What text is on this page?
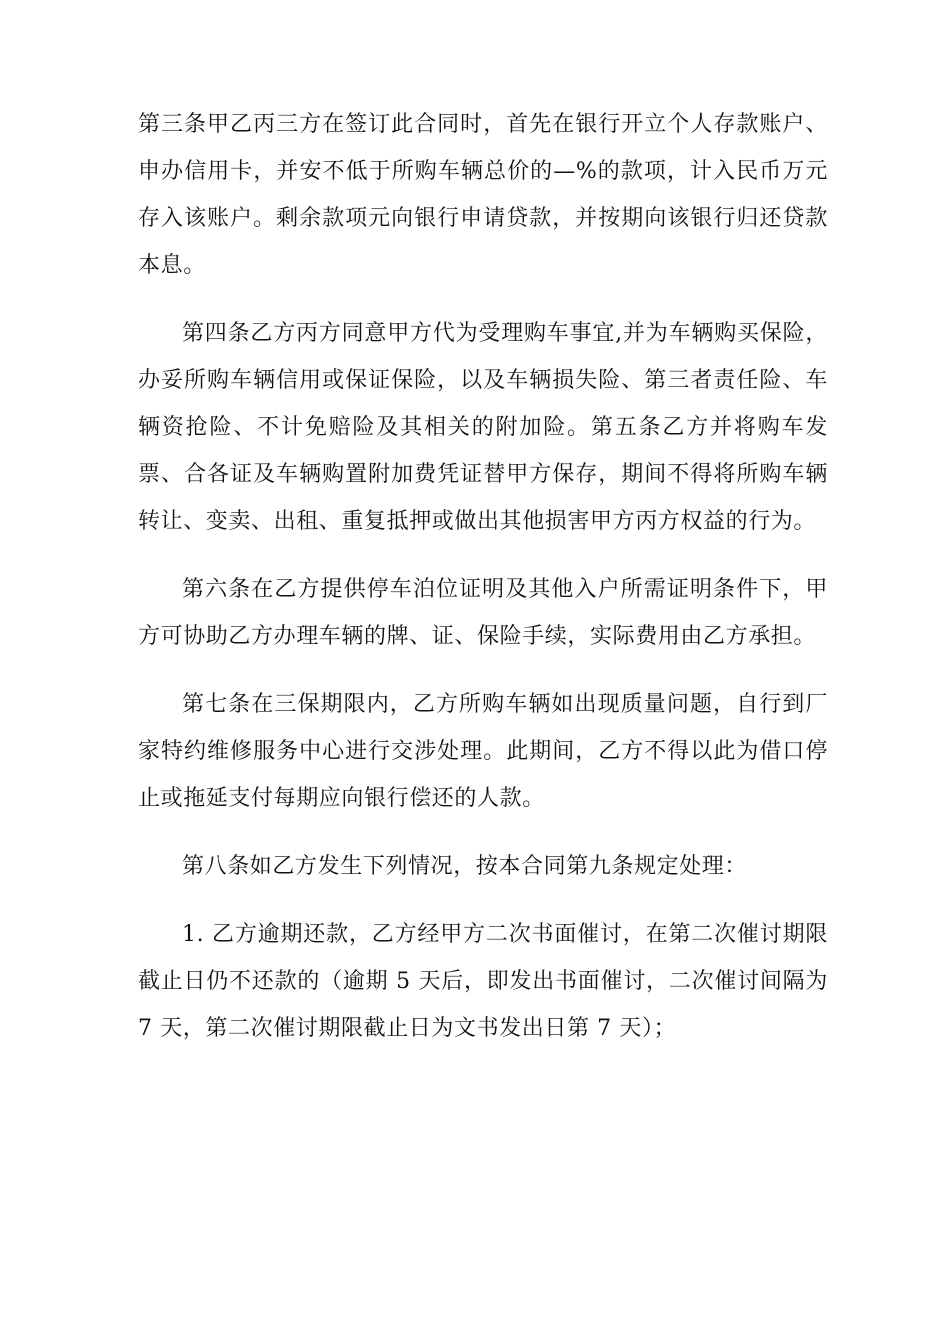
第三条甲乙丙三方在签订此合同时，首先在银行开立个人存款账户、申办信用卡，并安不低于所购车辆总价的—%的款项，计入民币万元存入该账户。剩余款项元向银行申请贷款，并按期向该银行归还贷款本息。

第四条乙方丙方同意甲方代为受理购车事宜,并为车辆购买保险，办妥所购车辆信用或保证保险，以及车辆损失险、第三者责任险、车辆资抢险、不计免赔险及其相关的附加险。第五条乙方并将购车发票、合各证及车辆购置附加费凭证替甲方保存，期间不得将所购车辆转让、变卖、出租、重复抵押或做出其他损害甲方丙方权益的行为。

第六条在乙方提供停车泊位证明及其他入户所需证明条件下，甲方可协助乙方办理车辆的牌、证、保险手续，实际费用由乙方承担。

第七条在三保期限内，乙方所购车辆如出现质量问题，自行到厂家特约维修服务中心进行交涉处理。此期间，乙方不得以此为借口停止或拖延支付每期应向银行偿还的人款。

第八条如乙方发生下列情况，按本合同第九条规定处理：

1. 乙方逾期还款，乙方经甲方二次书面催讨，在第二次催讨期限截止日仍不还款的（逾期 5 天后，即发出书面催讨，二次催讨间隔为 7 天，第二次催讨期限截止日为文书发出日第 7 天）；
